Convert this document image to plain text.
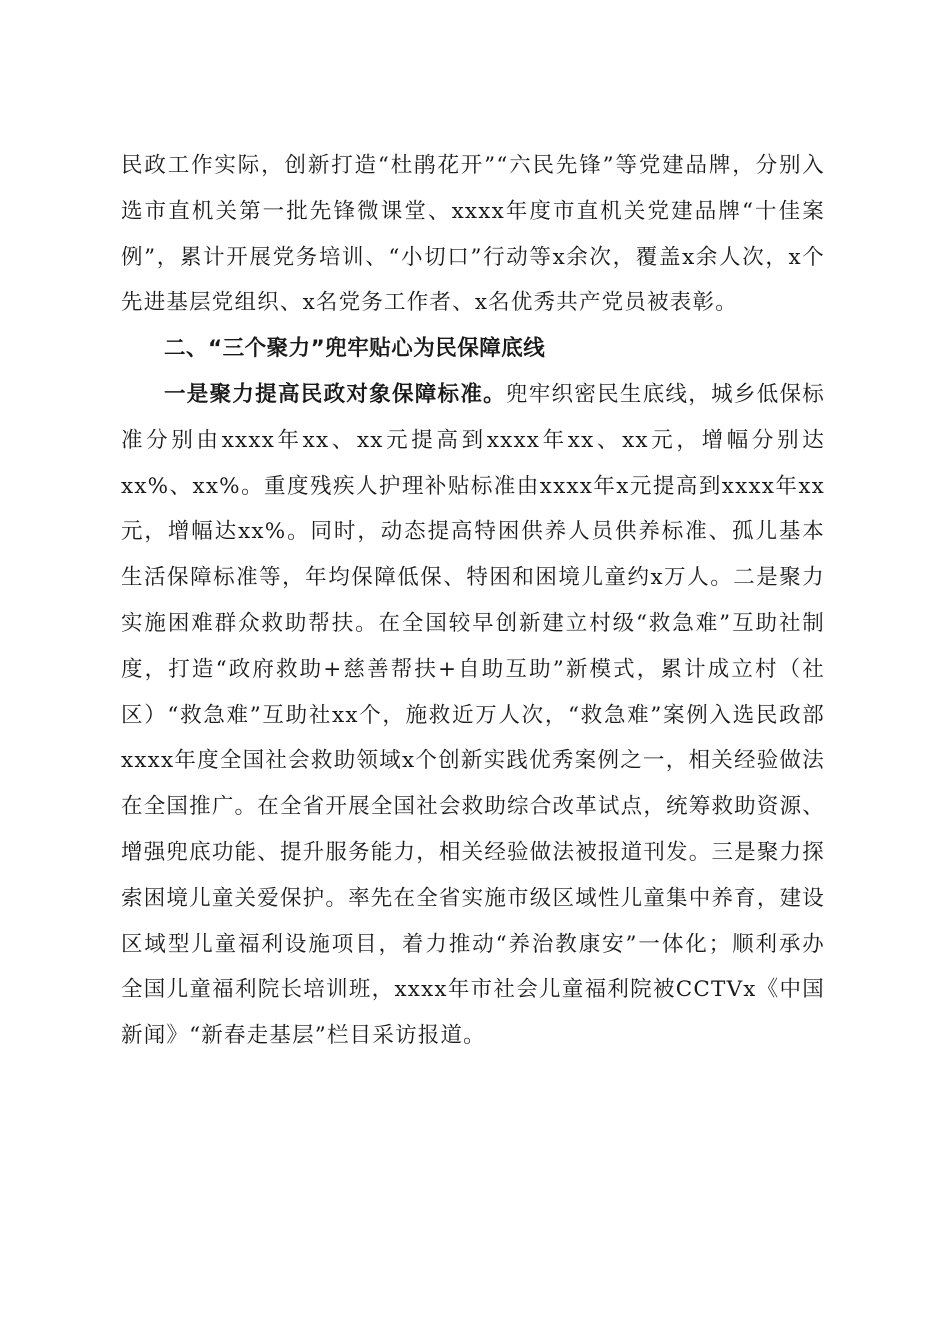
民政工作实际，创新打造“杜鹃花开”“六民先锋”等党建品牌，分别入选市直机关第一批先锋微课堂、xxxx年度市直机关党建品牌“十佳案例”，累计开展党务培训、“小切口”行动等x余次，覆盖x余人次，x个先进基层党组织、x名党务工作者、x名优秀共产党员被表彰。

二、“三个聚力”兜牢贴心为民保障底线

一是聚力提高民政对象保障标准。兜牢织密民生底线，城乡低保标准分别由xxxx年xx、xx元提高到xxxx年xx、xx元，增幅分别达xx%、xx%。重度残疾人护理补贴标准由xxxx年x元提高到xxxx年xx元，增幅达xx%。同时，动态提高特困供养人员供养标准、孤儿基本生活保障标准等，年均保障低保、特困和困境儿童约x万人。二是聚力实施困难群众救助帮扶。在全国较早创新建立村级“救急难”互助社制度，打造“政府救助+慈善帮扶+自助互助”新模式，累计成立村（社区）“救急难”互助社xx个，施救近万人次，“救急难”案例入选民政部xxxx年度全国社会救助领域x个创新实践优秀案例之一，相关经验做法在全国推广。在全省开展全国社会救助综合改革试点，统筹救助资源、增强兜底功能、提升服务能力，相关经验做法被报道刊发。三是聚力探索困境儿童关爱保护。率先在全省实施市级区域性儿童集中养育，建设区域型儿童福利设施项目，着力推动“养治教康安”一体化；顺利承办全国儿童福利院长培训班，xxxx年市社会儿童福利院被CCTVx《中国新闻》“新春走基层”栏目采访报道。
